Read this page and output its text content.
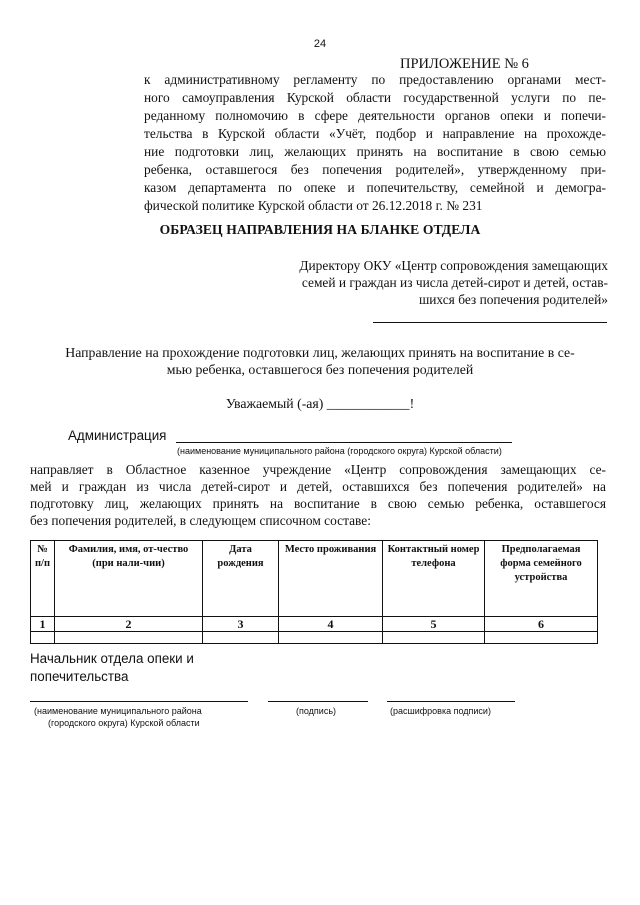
24
ПРИЛОЖЕНИЕ № 6
к административному регламенту по предоставлению органами мест-
ного самоуправления Курской области государственной услуги по пе-
реданному полномочию в сфере деятельности органов опеки и попечи-
тельства в Курской области «Учёт, подбор и направление на прохожде-
ние подготовки лиц, желающих принять на воспитание в свою семью
ребенка, оставшегося без попечения родителей», утвержденному при-
казом департамента по опеке и попечительству, семейной и демогра-
фической политике Курской области от 26.12.2018 г. № 231
ОБРАЗЕЦ НАПРАВЛЕНИЯ НА БЛАНКЕ ОТДЕЛА
Директору ОКУ «Центр сопровождения замещающих
семей и граждан из числа детей-сирот и детей, остав-
шихся без попечения родителей»
Направление на прохождение подготовки лиц, желающих принять на воспитание в се-
мью ребенка, оставшегося без попечения родителей
Уважаемый (-ая) ____________!
Администрация
(наименование муниципального района (городского округа) Курской области)
направляет в Областное казенное учреждение «Центр сопровождения замещающих се-
мей и граждан из числа детей-сирот и детей, оставшихся без попечения родителей» на
подготовку лиц, желающих принять на воспитание в свою семью ребенка, оставшегося
без попечения родителей, в следующем списочном составе:
№ п/п	Фамилия, имя, от-чество (при нали-чии)	Дата рождения	Место проживания	Контактный номер телефона	Предполагаемая форма семейного устройства
1	2	3	4	5	6

Начальник отдела опеки и
попечительства
(наименование муниципального района
(городского округа) Курской области
(подпись)	(расшифровка подписи)
